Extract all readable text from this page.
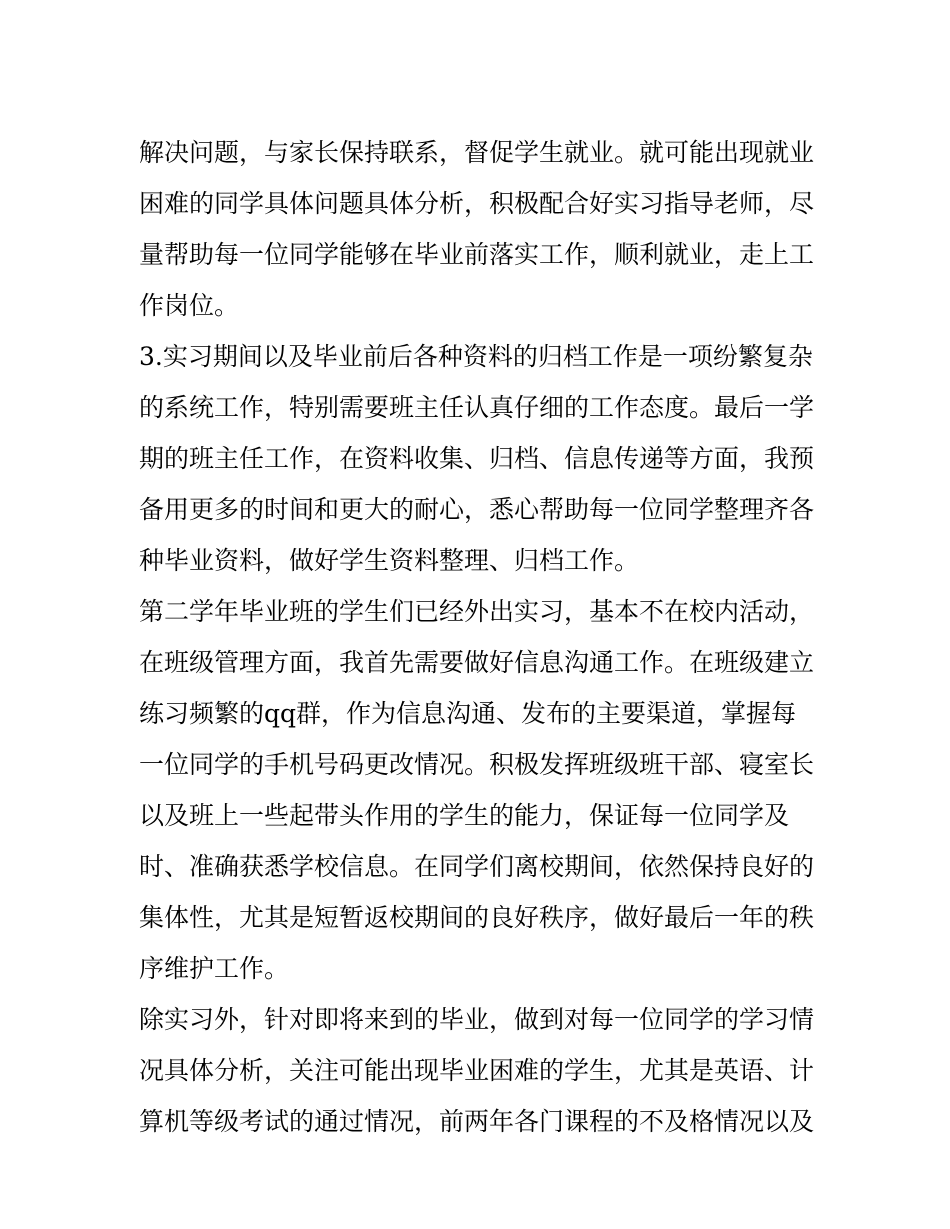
解决问题，与家长保持联系，督促学生就业。就可能出现就业
困难的同学具体问题具体分析，积极配合好实习指导老师，尽
量帮助每一位同学能够在毕业前落实工作，顺利就业，走上工
作岗位。
3.实习期间以及毕业前后各种资料的归档工作是一项纷繁复杂
的系统工作，特别需要班主任认真仔细的工作态度。最后一学
期的班主任工作，在资料收集、归档、信息传递等方面，我预
备用更多的时间和更大的耐心，悉心帮助每一位同学整理齐各
种毕业资料，做好学生资料整理、归档工作。
第二学年毕业班的学生们已经外出实习，基本不在校内活动，
在班级管理方面，我首先需要做好信息沟通工作。在班级建立
练习频繁的qq群，作为信息沟通、发布的主要渠道，掌握每
一位同学的手机号码更改情况。积极发挥班级班干部、寝室长
以及班上一些起带头作用的学生的能力，保证每一位同学及
时、准确获悉学校信息。在同学们离校期间，依然保持良好的
集体性，尤其是短暂返校期间的良好秩序，做好最后一年的秩
序维护工作。
除实习外，针对即将来到的毕业，做到对每一位同学的学习情
况具体分析，关注可能出现毕业困难的学生，尤其是英语、计
算机等级考试的通过情况，前两年各门课程的不及格情况以及
